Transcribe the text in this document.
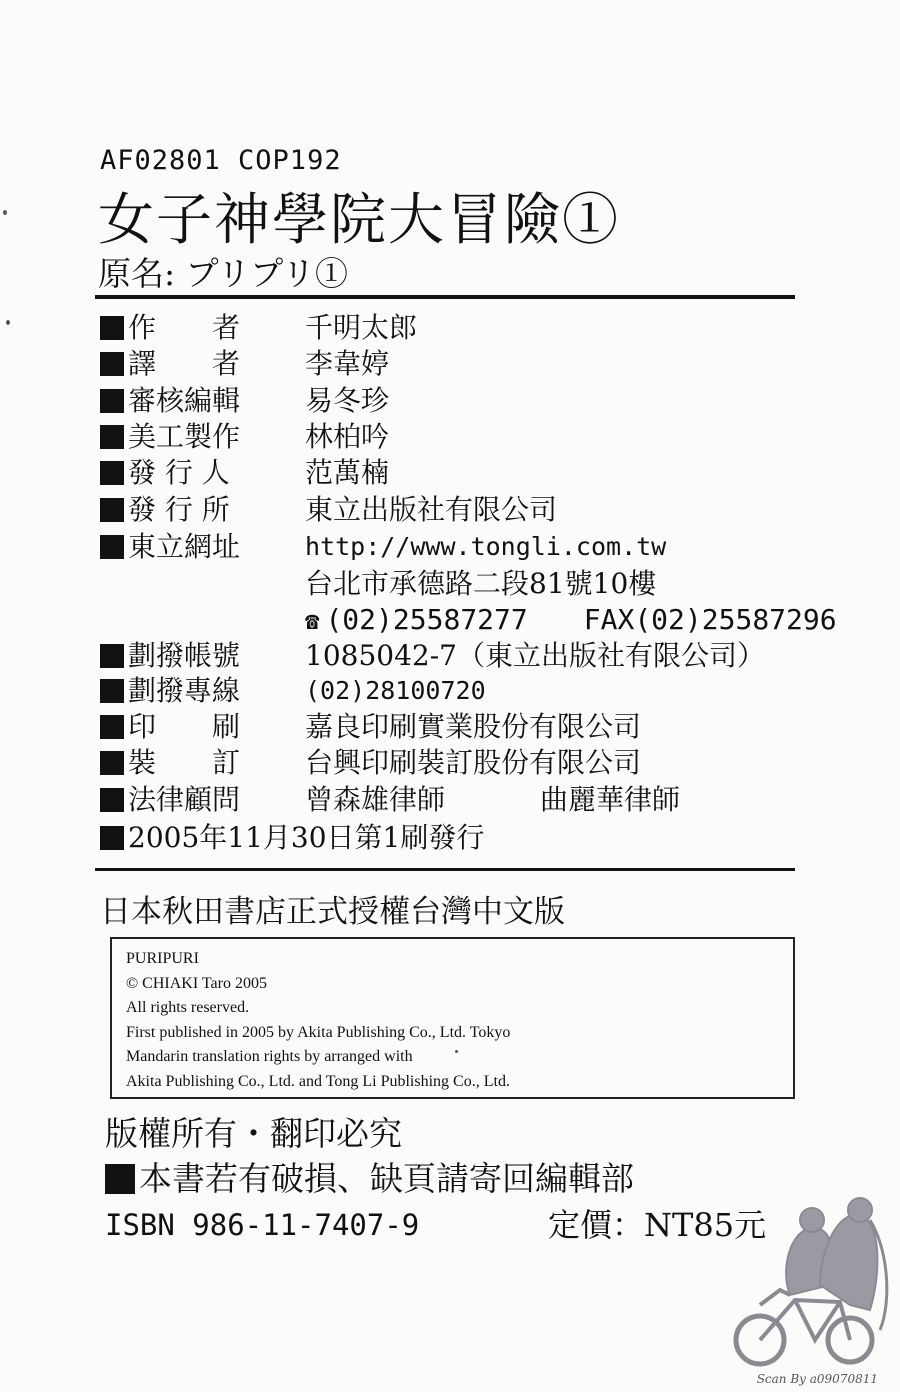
AF02801 COP192
女子神學院大冒險①
原名: プリプリ①
作　　者 千明太郎
譯　　者 李韋婷
審核編輯 易冬珍
美工製作 林柏吟
發 行 人	范萬楠
發 行 所	東立出版社有限公司
東立網址	http://www.tongli.com.tw
台北市承德路二段81號10樓
☎ (02)25587277 FAX(02)25587296
劃撥帳號 1085042-7（東立出版社有限公司）
劃撥專線	(02)28100720
印　　刷 嘉良印刷實業股份有限公司
裝　　訂 台興印刷裝訂股份有限公司
法律顧問 曾森雄律師	曲麗華律師
2005年11月30日第1刷發行
日本秋田書店正式授權台灣中文版
PURIPURI
© CHIAKI Taro 2005
All rights reserved.
First published in 2005 by Akita Publishing Co., Ltd. Tokyo
Mandarin translation rights by arranged with
Akita Publishing Co., Ltd. and Tong Li Publishing Co., Ltd.
版權所有・翻印必究
本書若有破損、缺頁請寄回編輯部
ISBN 986-11-7407-9	定價：NT85元
Scan By a09070811
